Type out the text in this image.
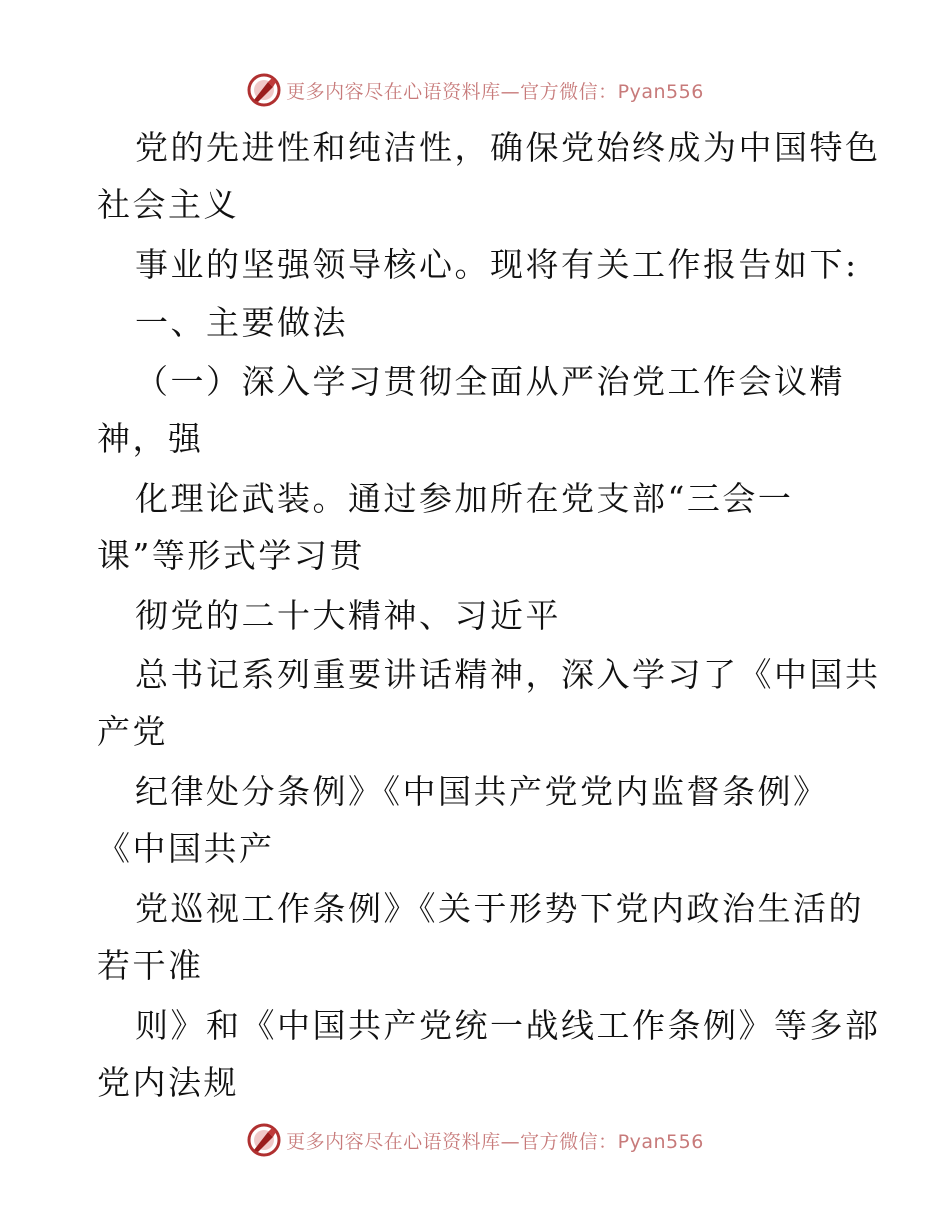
更多内容尽在心语资料库—官方微信：Pyan556
党的先进性和纯洁性，确保党始终成为中国特色
社会主义
事业的坚强领导核心。现将有关工作报告如下:
一、主要做法
（一）深入学习贯彻全面从严治党工作会议精
神，强
化理论武装。通过参加所在党支部“三会一
课”等形式学习贯
彻党的二十大精神、习近平
总书记系列重要讲话精神，深入学习了《中国共
产党
纪律处分条例》《中国共产党党内监督条例》
《中国共产
党巡视工作条例》《关于形势下党内政治生活的
若干准
则》和《中国共产党统一战线工作条例》等多部
党内法规
更多内容尽在心语资料库—官方微信：Pyan556
